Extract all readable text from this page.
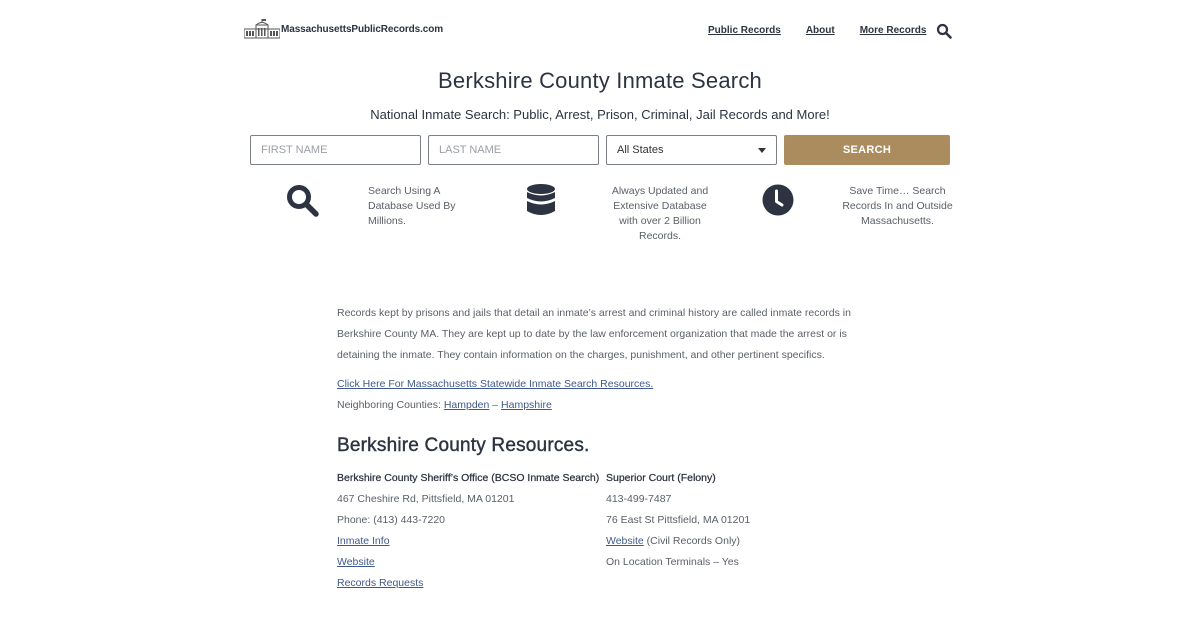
MassachusettsPublicRecords.com	Public Records	About	More Records
Berkshire County Inmate Search
National Inmate Search: Public, Arrest, Prison, Criminal, Jail Records and More!
FIRST NAME
LAST NAME
All States	SEARCH
Search Using A Database Used By Millions.
Always Updated and Extensive Database with over 2 Billion Records.
Save Time… Search Records In and Outside Massachusetts.

Records kept by prisons and jails that detail an inmate’s arrest and criminal history are called inmate records in Berkshire County MA. They are kept up to date by the law enforcement organization that made the arrest or is detaining the inmate. They contain information on the charges, punishment, and other pertinent specifics.

Click Here For Massachusetts Statewide Inmate Search Resources.
Neighboring Counties: Hampden – Hampshire
Berkshire County Resources.
Berkshire County Sheriff’s Office (BCSO Inmate Search)
467 Cheshire Rd, Pittsfield, MA 01201
Phone: (413) 443-7220
Inmate Info
Website
Records Requests
Superior Court (Felony)
413-499-7487
76 East St Pittsfield, MA 01201
Website (Civil Records Only)
On Location Terminals – Yes
